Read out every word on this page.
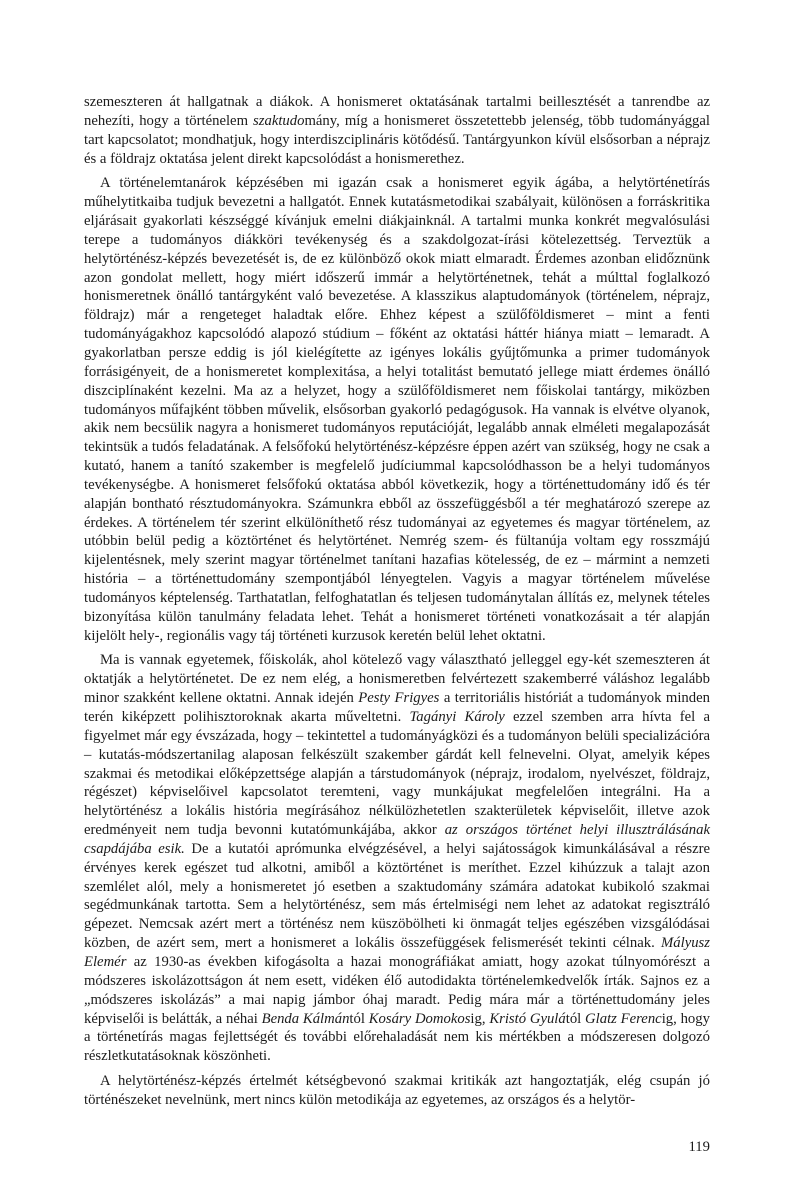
szemeszteren át hallgatnak a diákok. A honismeret oktatásának tartalmi beillesztését a tanrendbe az nehezíti, hogy a történelem szaktudomány, míg a honismeret összetettebb jelenség, több tudományággal tart kapcsolatot; mondhatjuk, hogy interdiszciplináris kötődésű. Tantárgyunkon kívül elsősorban a néprajz és a földrajz oktatása jelent direkt kapcsolódást a honismerethez.

A történelemtanárok képzésében mi igazán csak a honismeret egyik ágába, a helytörténetírás műhelytitkaiba tudjuk bevezetni a hallgatót. Ennek kutatásmetodikai szabályait, különösen a forráskritika eljárásait gyakorlati készséggé kívánjuk emelni diákjainknál. A tartalmi munka konkrét megvalósulási terepe a tudományos diákköri tevékenység és a szakdolgozat-írási kötelezettség. Terveztük a helytörténész-képzés bevezetését is, de ez különböző okok miatt elmaradt. Érdemes azonban elidőznünk azon gondolat mellett, hogy miért időszerű immár a helytörténetnek, tehát a múlttal foglalkozó honismeretnek önálló tantárgyként való bevezetése. A klasszikus alaptudományok (történelem, néprajz, földrajz) már a rengeteget haladtak előre. Ehhez képest a szülőföldismeret – mint a fenti tudományágakhoz kapcsolódó alapozó stúdium – főként az oktatási háttér hiánya miatt – lemaradt. A gyakorlatban persze eddig is jól kielégítette az igényes lokális gyűjtőmunka a primer tudományok forrásigényeit, de a honismeretet komplexitása, a helyi totalitást bemutató jellege miatt érdemes önálló diszciplínaként kezelni. Ma az a helyzet, hogy a szülőföldismeret nem főiskolai tantárgy, miközben tudományos műfajként többen művelik, elsősorban gyakorló pedagógusok. Ha vannak is elvétve olyanok, akik nem becsülik nagyra a honismeret tudományos reputációját, legalább annak elméleti megalapozását tekintsük a tudós feladatának. A felsőfokú helytörténész-képzésre éppen azért van szükség, hogy ne csak a kutató, hanem a tanító szakember is megfelelő judíciummal kapcsolódhasson be a helyi tudományos tevékenységbe. A honismeret felsőfokú oktatása abból következik, hogy a történettudomány idő és tér alapján bontható résztudományokra. Számunkra ebből az összefüggésből a tér meghatározó szerepe az érdekes. A történelem tér szerint elkülöníthető rész tudományai az egyetemes és magyar történelem, az utóbbin belül pedig a köztörténet és helytörténet. Nemrég szem- és fültanúja voltam egy rosszmájú kijelentésnek, mely szerint magyar történelmet tanítani hazafias kötelesség, de ez – mármint a nemzeti história – a történettudomány szempontjából lényegtelen. Vagyis a magyar történelem művelése tudományos képtelenség. Tarthatatlan, felfoghatatlan és teljesen tudománytalan állítás ez, melynek tételes bizonyítása külön tanulmány feladata lehet. Tehát a honismeret történeti vonatkozásait a tér alapján kijelölt hely-, regionális vagy táj történeti kurzusok keretén belül lehet oktatni.

Ma is vannak egyetemek, főiskolák, ahol kötelező vagy választható jelleggel egy-két szemeszteren át oktatják a helytörténetet. De ez nem elég, a honismeretben felvértezett szakemberré váláshoz legalább minor szakként kellene oktatni. Annak idején Pesty Frigyes a territoriális históriát a tudományok minden terén kiképzett polihisztoroknak akarta műveltetni. Tagányi Károly ezzel szemben arra hívta fel a figyelmet már egy évszázada, hogy – tekintettel a tudományágközi és a tudományon belüli specializációra – kutatás-módszertanilag alaposan felkészült szakember gárdát kell felnevelni. Olyat, amelyik képes szakmai és metodikai előképzettsége alapján a társtudományok (néprajz, irodalom, nyelvészet, földrajz, régészet) képviselőivel kapcsolatot teremteni, vagy munkájukat megfelelően integrálni. Ha a helytörténész a lokális história megírásához nélkülözhetetlen szakterületek képviselőit, illetve azok eredményeit nem tudja bevonni kutatómunkájába, akkor az országos történet helyi illusztrálásának csapdájába esik. De a kutatói aprómunka elvégzésével, a helyi sajátosságok kimunkálásával a részre érvényes kerek egészet tud alkotni, amiből a köztörténet is meríthet. Ezzel kihúzzuk a talajt azon szemlélet alól, mely a honismeretet jó esetben a szaktudomány számára adatokat kubikoló szakmai segédmunkának tartotta. Sem a helytörténész, sem más értelmiségi nem lehet az adatokat regisztráló gépezet. Nemcsak azért mert a történész nem küszöbölheti ki önmagát teljes egészében vizsgálódásai közben, de azért sem, mert a honismeret a lokális összefüggések felismerését tekinti célnak. Mályusz Elemér az 1930-as években kifogásolta a hazai monográfiákat amiatt, hogy azokat túlnyomórészt a módszeres iskolázottságon át nem esett, vidéken élő autodidakta történelemkedvelők írták. Sajnos ez a „módszeres iskolázás” a mai napig jámbor óhaj maradt. Pedig mára már a történettudomány jeles képviselői is belátták, a néhai Benda Kálmántól Kosáry Domokosig, Kristó Gyulától Glatz Ferencig, hogy a történetírás magas fejlettségét és további előrehaladását nem kis mértékben a módszeresen dolgozó részletkutatásoknak köszönheti.

A helytörténész-képzés értelmét kétségbevonó szakmai kritikák azt hangoztatják, elég csupán jó történészeket nevelnünk, mert nincs külön metodikája az egyetemes, az országos és a helytör-

119
